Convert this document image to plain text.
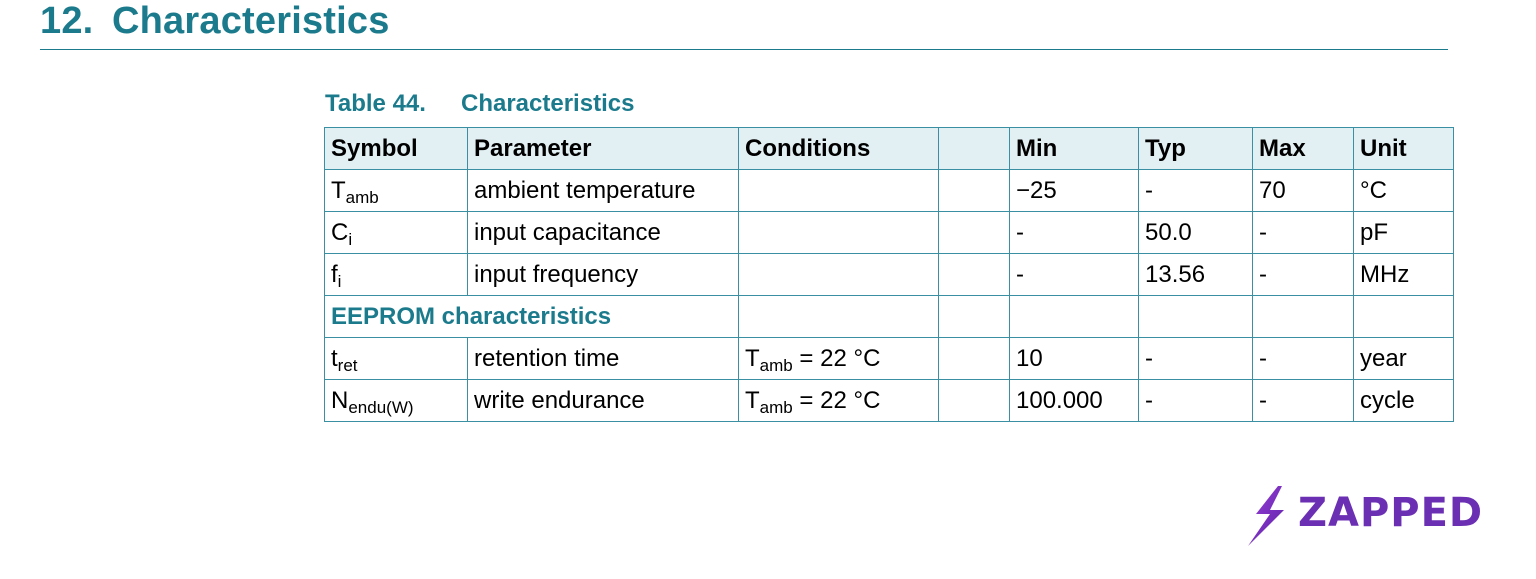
12. Characteristics
Table 44. Characteristics
Symbol	Parameter	Conditions		Min	Typ	Max	Unit
$T_{amb}$	ambient temperature			−25	-	70	°C
$C_i$	input capacitance			-	50.0	-	pF
$f_i$	input frequency			-	13.56	-	MHz
EEPROM characteristics							
$t_{ret}$	retention time	$T_{amb} = 22$ °C		10	-	-	year
$N_{endu(W)}$	write endurance	$T_{amb} = 22$ °C		100.000	-	-	cycle
ZAPPED
